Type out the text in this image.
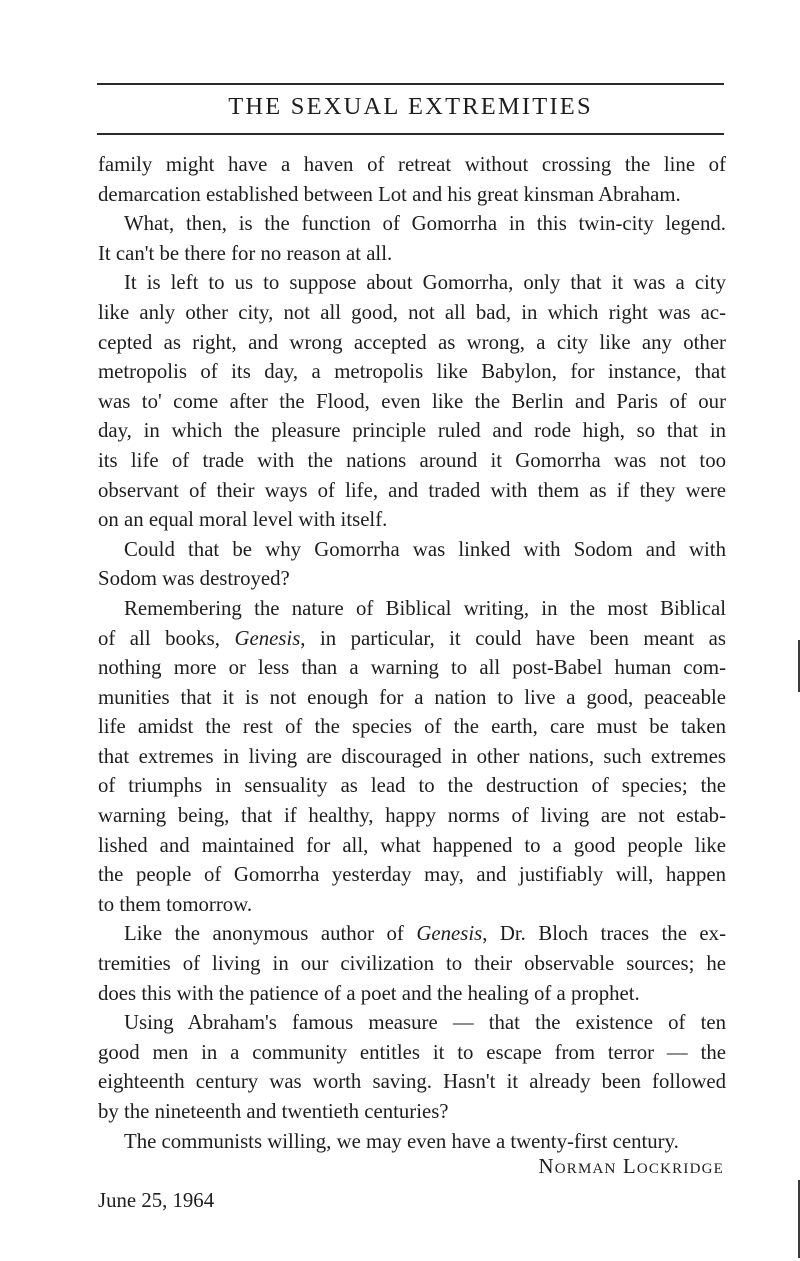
THE SEXUAL EXTREMITIES
family might have a haven of retreat without crossing the line of
demarcation established between Lot and his great kinsman Abraham.
What, then, is the function of Gomorrha in this twin-city legend.
It can't be there for no reason at all.
It is left to us to suppose about Gomorrha, only that it was a city
like anly other city, not all good, not all bad, in which right was ac-
cepted as right, and wrong accepted as wrong, a city like any other
metropolis of its day, a metropolis like Babylon, for instance, that
was to' come after the Flood, even like the Berlin and Paris of our
day, in which the pleasure principle ruled and rode high, so that in
its life of trade with the nations around it Gomorrha was not too
observant of their ways of life, and traded with them as if they were
on an equal moral level with itself.
Could that be why Gomorrha was linked with Sodom and with
Sodom was destroyed?
Remembering the nature of Biblical writing, in the most Biblical
of all books, Genesis, in particular, it could have been meant as
nothing more or less than a warning to all post-Babel human com-
munities that it is not enough for a nation to live a good, peaceable
life amidst the rest of the species of the earth, care must be taken
that extremes in living are discouraged in other nations, such extremes
of triumphs in sensuality as lead to the destruction of species; the
warning being, that if healthy, happy norms of living are not estab-
lished and maintained for all, what happened to a good people like
the people of Gomorrha yesterday may, and justifiably will, happen
to them tomorrow.
Like the anonymous author of Genesis, Dr. Bloch traces the ex-
tremities of living in our civilization to their observable sources; he
does this with the patience of a poet and the healing of a prophet.
Using Abraham's famous measure — that the existence of ten
good men in a community entitles it to escape from terror — the
eighteenth century was worth saving. Hasn't it already been followed
by the nineteenth and twentieth centuries?
The communists willing, we may even have a twenty-first century.
Norman Lockridge
June 25, 1964
